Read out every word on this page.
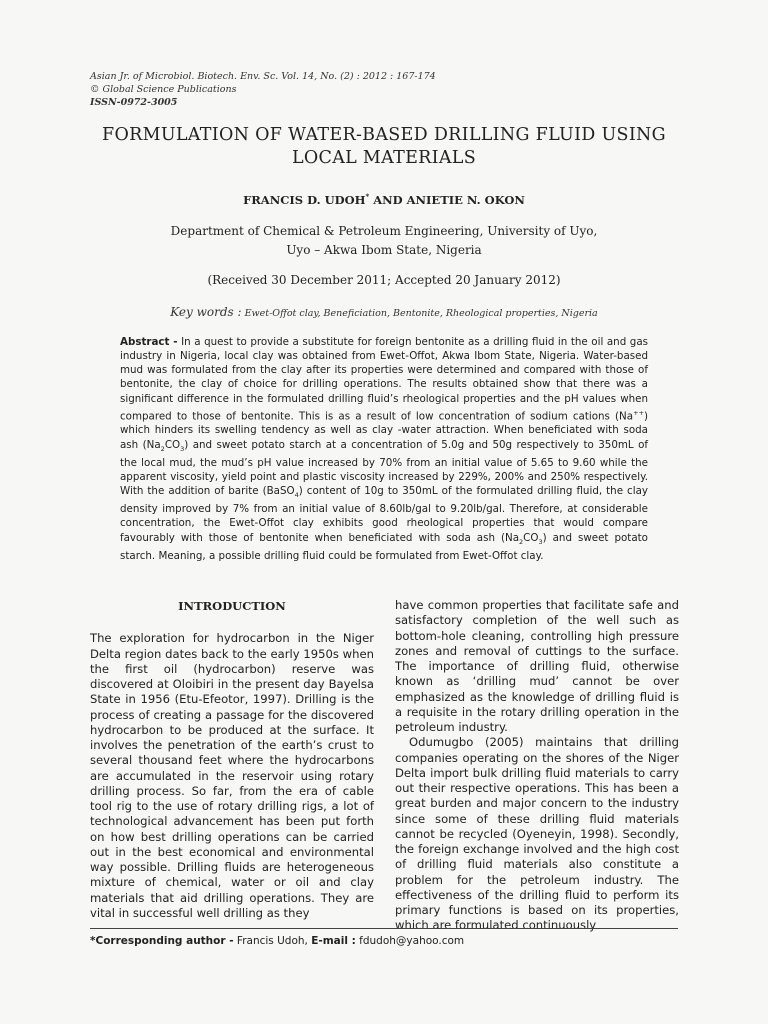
Asian Jr. of Microbiol. Biotech. Env. Sc. Vol. 14, No. (2) : 2012 : 167-174
© Global Science Publications
ISSN-0972-3005
FORMULATION OF WATER-BASED DRILLING FLUID USING
LOCAL MATERIALS
FRANCIS D. UDOH* AND ANIETIE N. OKON
Department of Chemical & Petroleum Engineering, University of Uyo,
Uyo – Akwa Ibom State, Nigeria
(Received 30 December 2011; Accepted 20 January 2012)
Key words : Ewet-Offot clay, Beneficiation, Bentonite, Rheological properties, Nigeria
Abstract - In a quest to provide a substitute for foreign bentonite as a drilling fluid in the oil and gas industry in Nigeria, local clay was obtained from Ewet-Offot, Akwa Ibom State, Nigeria. Water-based mud was formulated from the clay after its properties were determined and compared with those of bentonite, the clay of choice for drilling operations. The results obtained show that there was a significant difference in the formulated drilling fluid’s rheological properties and the pH values when compared to those of bentonite. This is as a result of low concentration of sodium cations (Na++) which hinders its swelling tendency as well as clay -water attraction. When beneficiated with soda ash $(Na_2CO_3)$ and sweet potato starch at a concentration of 5.0g and 50g respectively to 350mL of the local mud, the mud’s pH value increased by 70% from an initial value of 5.65 to 9.60 while the apparent viscosity, yield point and plastic viscosity increased by 229%, 200% and 250% respectively. With the addition of barite (BaSO$_4$) content of 10g to 350mL of the formulated drilling fluid, the clay density improved by 7% from an initial value of 8.60lb/gal to 9.20lb/gal. Therefore, at considerable concentration, the Ewet-Offot clay exhibits good rheological properties that would compare favourably with those of bentonite when beneficiated with soda ash $(Na_2CO_3)$ and sweet potato starch. Meaning, a possible drilling fluid could be formulated from Ewet-Offot clay.

INTRODUCTION

The exploration for hydrocarbon in the Niger Delta region dates back to the early 1950s when the first oil (hydrocarbon) reserve was discovered at Oloibiri in the present day Bayelsa State in 1956 (Etu-Efeotor, 1997). Drilling is the process of creating a passage for the discovered hydrocarbon to be produced at the surface. It involves the penetration of the earth’s crust to several thousand feet where the hydrocarbons are accumulated in the reservoir using rotary drilling process. So far, from the era of cable tool rig to the use of rotary drilling rigs, a lot of technological advancement has been put forth on how best drilling operations can be carried out in the best economical and environmental way possible. Drilling fluids are heterogeneous mixture of chemical, water or oil and clay materials that aid drilling operations. They are vital in successful well drilling as they

have common properties that facilitate safe and satisfactory completion of the well such as bottom-hole cleaning, controlling high pressure zones and removal of cuttings to the surface. The importance of drilling fluid, otherwise known as ‘drilling mud’ cannot be over emphasized as the knowledge of drilling fluid is a requisite in the rotary drilling operation in the petroleum industry.

Odumugbo (2005) maintains that drilling companies operating on the shores of the Niger Delta import bulk drilling fluid materials to carry out their respective operations. This has been a great burden and major concern to the industry since some of these drilling fluid materials cannot be recycled (Oyeneyin, 1998). Secondly, the foreign exchange involved and the high cost of drilling fluid materials also constitute a problem for the petroleum industry. The effectiveness of the drilling fluid to perform its primary functions is based on its properties, which are formulated continuously

*Corresponding author - Francis Udoh, E-mail : fdudoh@yahoo.com
